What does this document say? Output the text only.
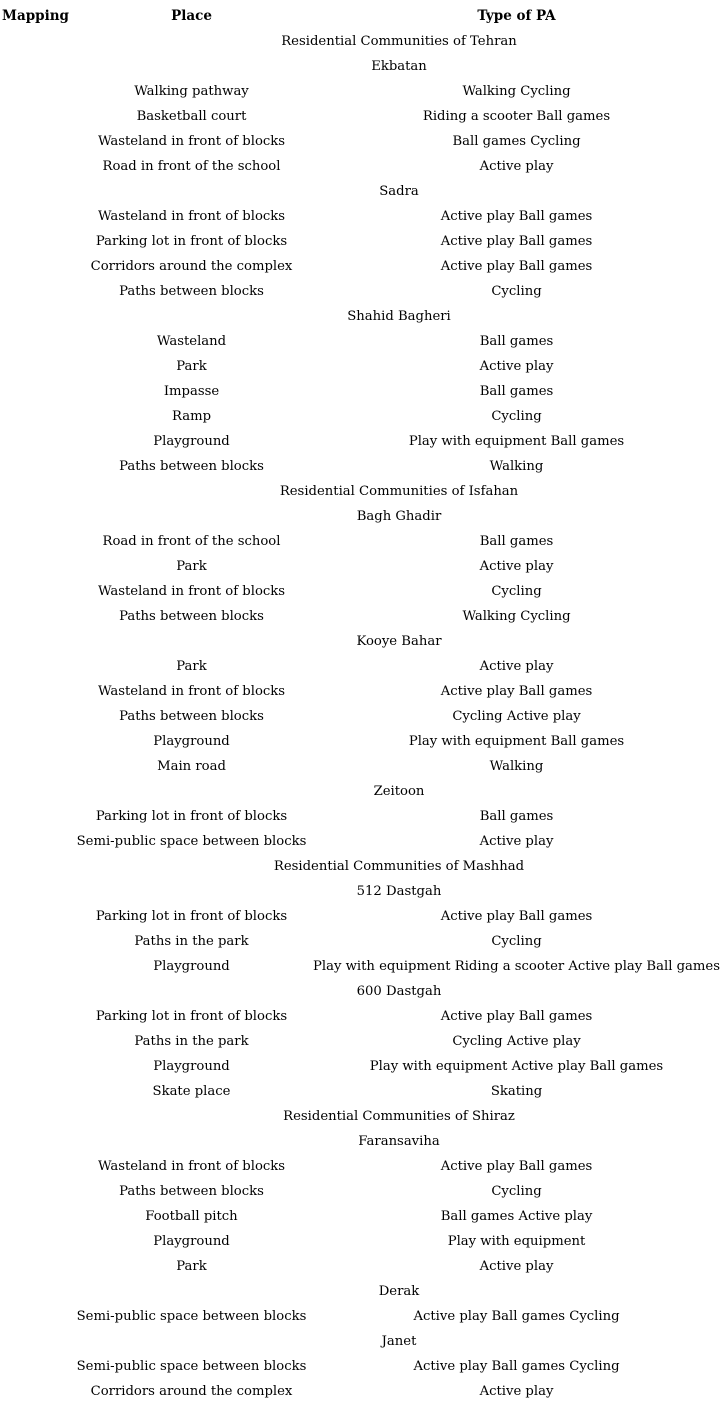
Mapping	Place	Type of PA
	Residential Communities of Tehran	
	Ekbatan	
	Walking pathway	Walking Cycling
	Basketball court	Riding a scooter Ball games
	Wasteland in front of blocks	Ball games Cycling
	Road in front of the school	Active play
	Sadra	
	Wasteland in front of blocks	Active play Ball games
	Parking lot in front of blocks	Active play Ball games
	Corridors around the complex	Active play Ball games
	Paths between blocks	Cycling
	Shahid Bagheri	
	Wasteland	Ball games
	Park	Active play
	Impasse	Ball games
	Ramp	Cycling
	Playground	Play with equipment Ball games
	Paths between blocks	Walking
	Residential Communities of Isfahan	
	Bagh Ghadir	
	Road in front of the school	Ball games
	Park	Active play
	Wasteland in front of blocks	Cycling
	Paths between blocks	Walking Cycling
	Kooye Bahar	
	Park	Active play
	Wasteland in front of blocks	Active play Ball games
	Paths between blocks	Cycling Active play
	Playground	Play with equipment Ball games
	Main road	Walking
	Zeitoon	
	Parking lot in front of blocks	Ball games
	Semi-public space between blocks	Active play
	Residential Communities of Mashhad	
	512 Dastgah	
	Parking lot in front of blocks	Active play Ball games
	Paths in the park	Cycling
	Playground	Play with equipment Riding a scooter Active play Ball games
	600 Dastgah	
	Parking lot in front of blocks	Active play Ball games
	Paths in the park	Cycling Active play
	Playground	Play with equipment Active play Ball games
	Skate place	Skating
	Residential Communities of Shiraz	
	Faransaviha	
	Wasteland in front of blocks	Active play Ball games
	Paths between blocks	Cycling
	Football pitch	Ball games Active play
	Playground	Play with equipment
	Park	Active play
	Derak	
	Semi-public space between blocks	Active play Ball games Cycling
	Janet	
	Semi-public space between blocks	Active play Ball games Cycling
	Corridors around the complex	Active play
